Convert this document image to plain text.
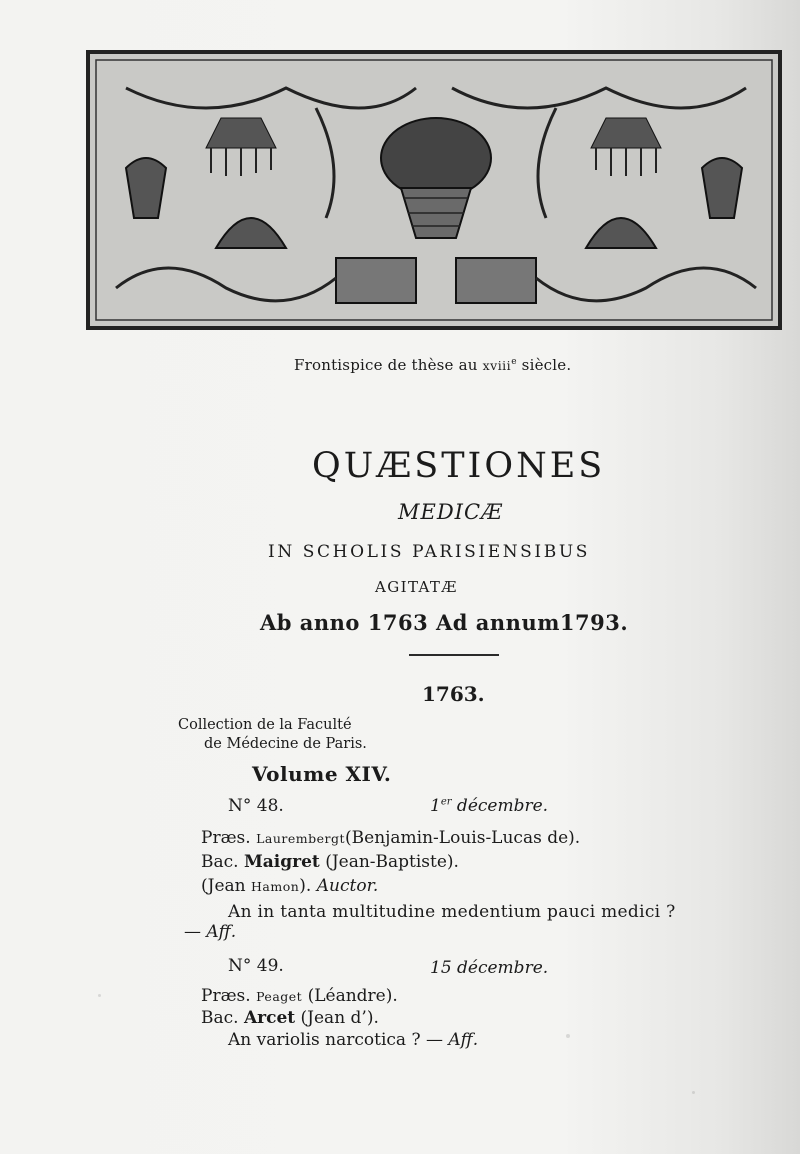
Frontispice de thèse au xviii$^e$ siècle.
QUÆSTIONES
MEDICÆ
IN SCHOLIS PARISIENSIBUS
AGITATÆ
Ab anno 1763 Ad annum1793.
1763.
Collection de la Faculté
de Médecine de Paris.
Volume XIV.
N° 48.	1er décembre.
Præs. Laurembergt(Benjamin-Louis-Lucas de).
Bac. Maigret (Jean-Baptiste).
(Jean Hamon). Auctor.
An in tanta multitudine medentium pauci medici ?
— Aff.
N° 49.	15 décembre.
Præs. Peaget (Léandre).
Bac. Arcet (Jean d’).
An variolis narcotica ? — Aff.
